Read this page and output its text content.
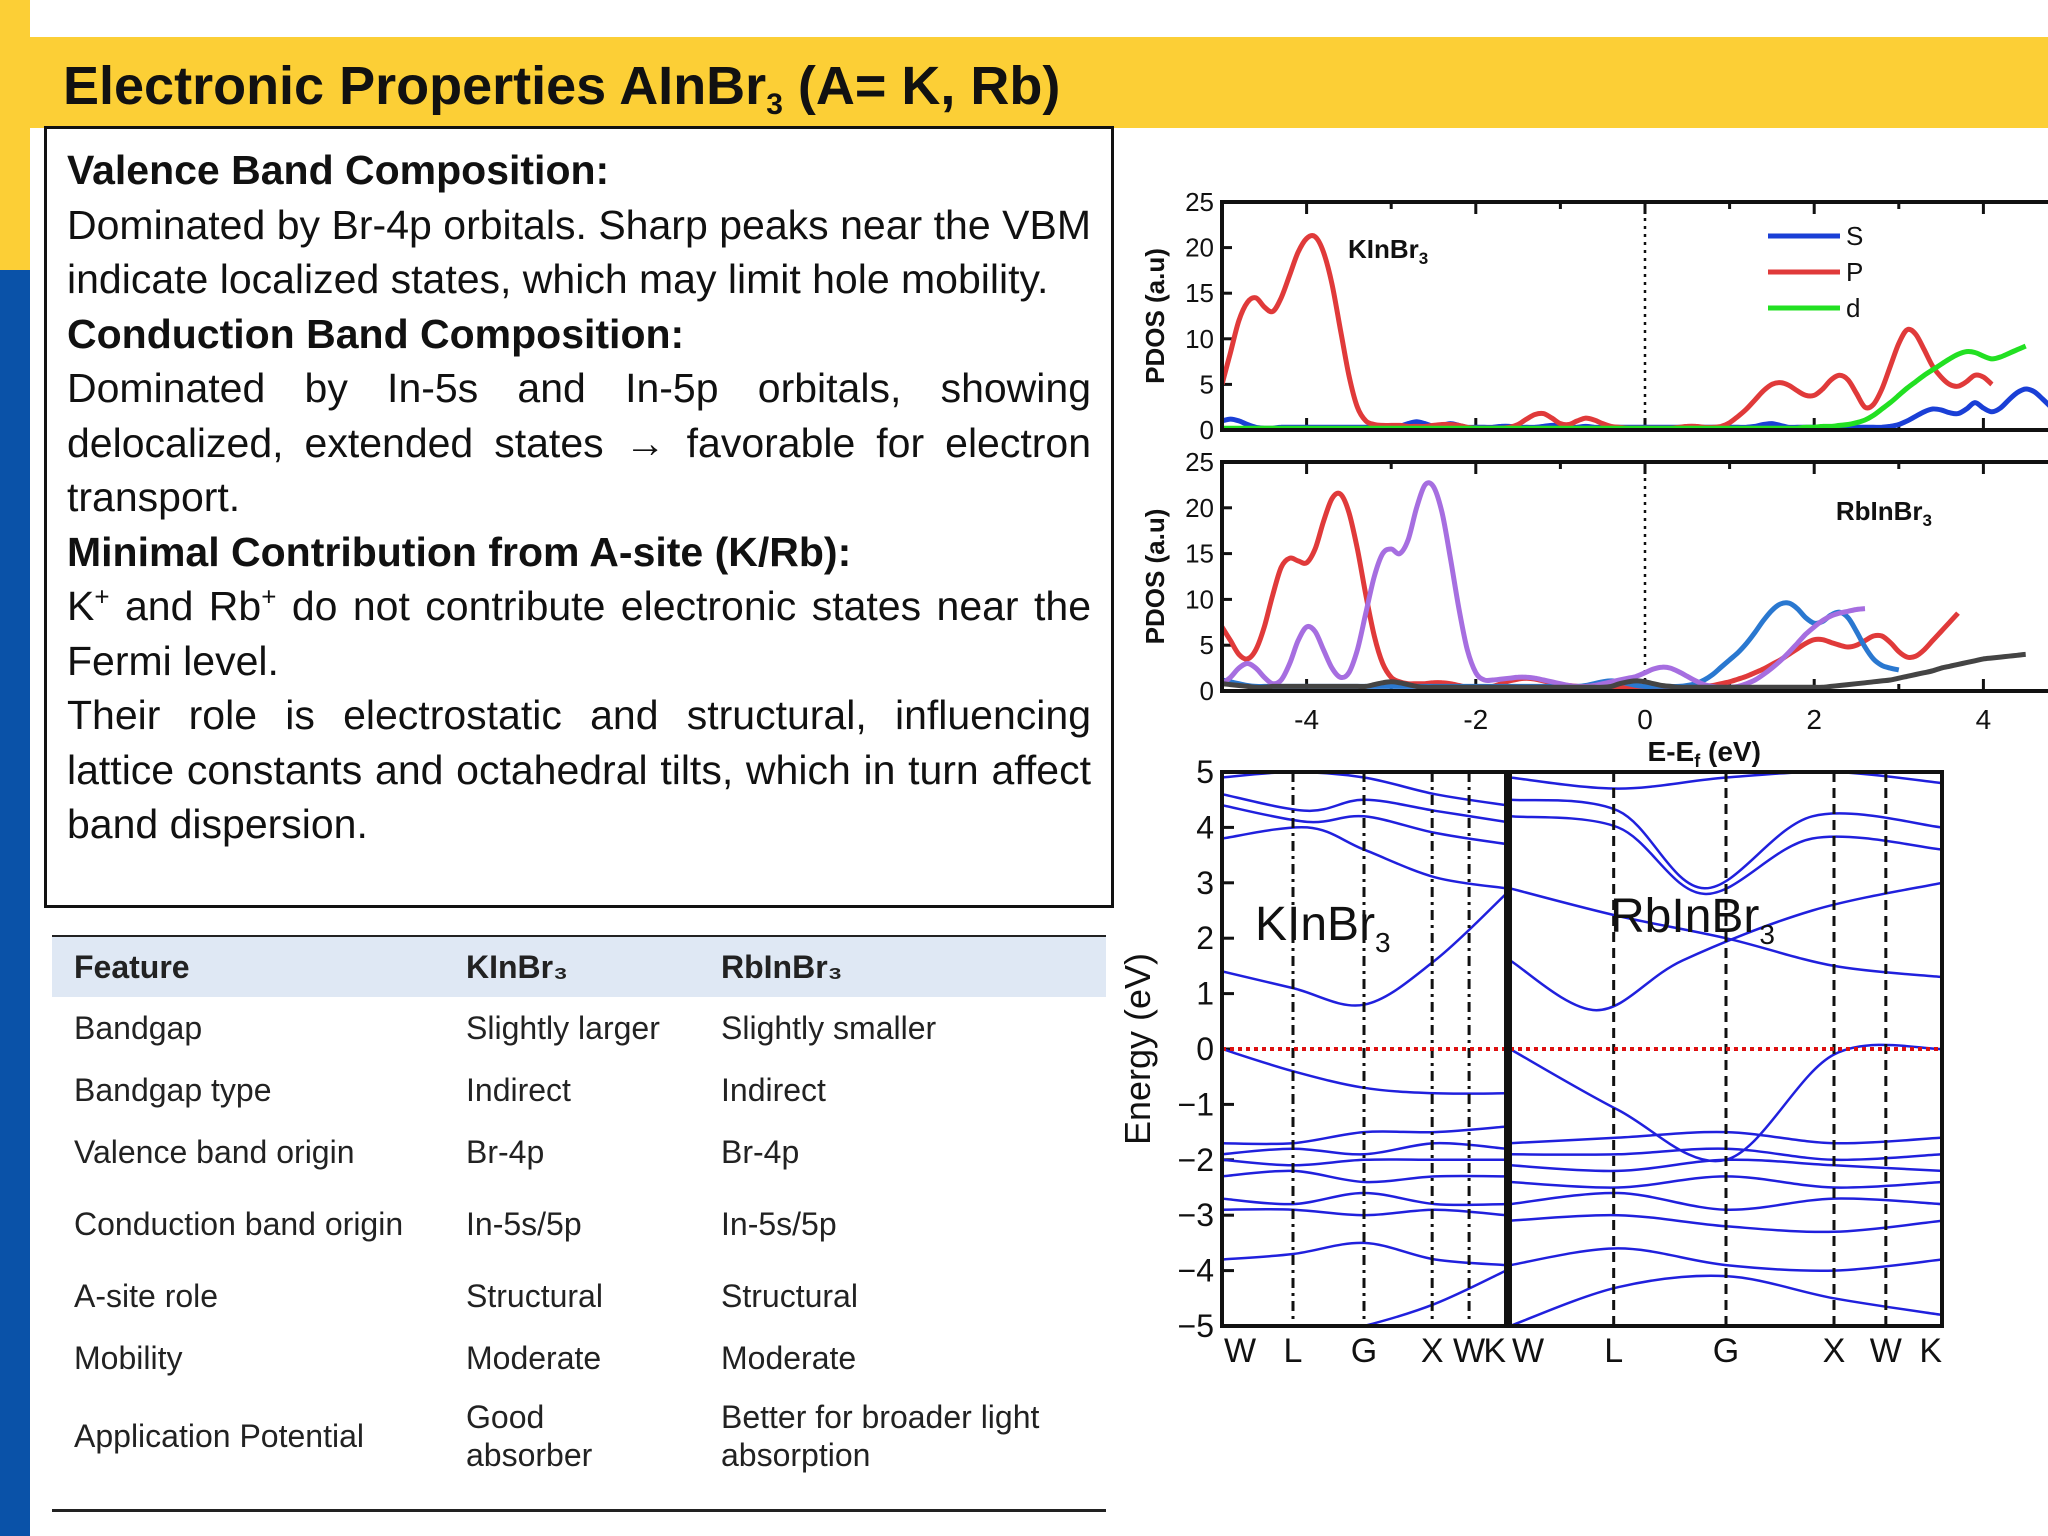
Electronic Properties AInBr$_3$ (A= K, Rb)
Valence Band Composition:

Dominated by Br-4p orbitals. Sharp peaks near the VBM indicate localized states, which may limit hole mobility.

Conduction Band Composition:

Dominated by In-5s and In-5p orbitals, showing delocalized, extended states → favorable for electron transport.

Minimal Contribution from A-site (K/Rb):

K+ and Rb+ do not contribute electronic states near the Fermi level.

Their role is electrostatic and structural, influencing lattice constants and octahedral tilts, which in turn affect band dispersion.

Feature	KInBr₃	RbInBr₃
Bandgap	Slightly larger	Slightly smaller
Bandgap type	Indirect	Indirect
Valence band origin	Br-4p	Br-4p
Conduction band origin	In-5s/5p	In-5s/5p
A-site role	Structural	Structural
Mobility	Moderate	Moderate
Application Potential	Good absorber	Better for broader light absorption
0
5
10
15
20
25
PDOS (a.u)	KInBr$_3$
S
P
d
0
5
10
15
20
25
-4	-2	0	2	4
$E-E_f$ (eV)
PDOS (a.u)	RbInBr$_3$
5
4
3
2
1
0
−1
−2
−3
−4
−5
Energy (eV)
W L G X W
K
KInBr$_3$
W L	G X W K
RbInBr$_3$
